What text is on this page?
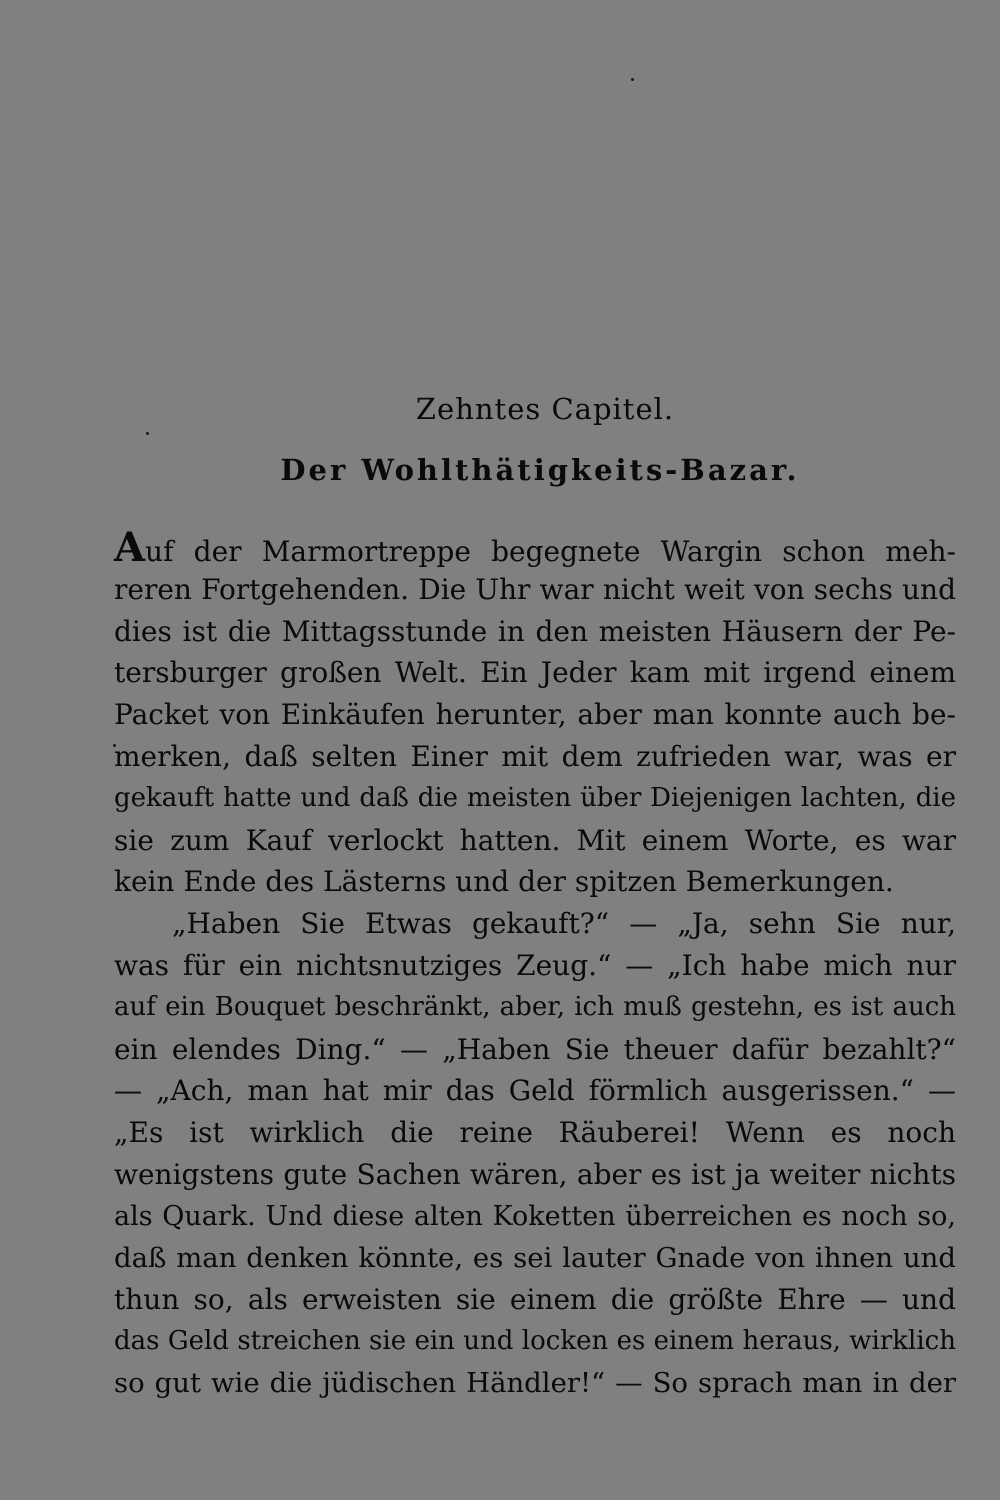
Zehntes Capitel.
Der Wohlthätigkeits-Bazar.
Auf der Marmortreppe begegnete Wargin schon meh-
reren Fortgehenden. Die Uhr war nicht weit von sechs und
dies ist die Mittagsstunde in den meisten Häusern der Pe-
tersburger großen Welt. Ein Jeder kam mit irgend einem
Packet von Einkäufen herunter, aber man konnte auch be-
merken, daß selten Einer mit dem zufrieden war, was er
gekauft hatte und daß die meisten über Diejenigen lachten, die
sie zum Kauf verlockt hatten. Mit einem Worte, es war
kein Ende des Lästerns und der spitzen Bemerkungen.
„Haben Sie Etwas gekauft?“ — „Ja, sehn Sie nur,
was für ein nichtsnutziges Zeug.“ — „Ich habe mich nur
auf ein Bouquet beschränkt, aber, ich muß gestehn, es ist auch
ein elendes Ding.“ — „Haben Sie theuer dafür bezahlt?“
— „Ach, man hat mir das Geld förmlich ausgerissen.“ —
„Es ist wirklich die reine Räuberei! Wenn es noch
wenigstens gute Sachen wären, aber es ist ja weiter nichts
als Quark. Und diese alten Koketten überreichen es noch so,
daß man denken könnte, es sei lauter Gnade von ihnen und
thun so, als erweisten sie einem die größte Ehre — und
das Geld streichen sie ein und locken es einem heraus, wirklich
so gut wie die jüdischen Händler!“ — So sprach man in der
